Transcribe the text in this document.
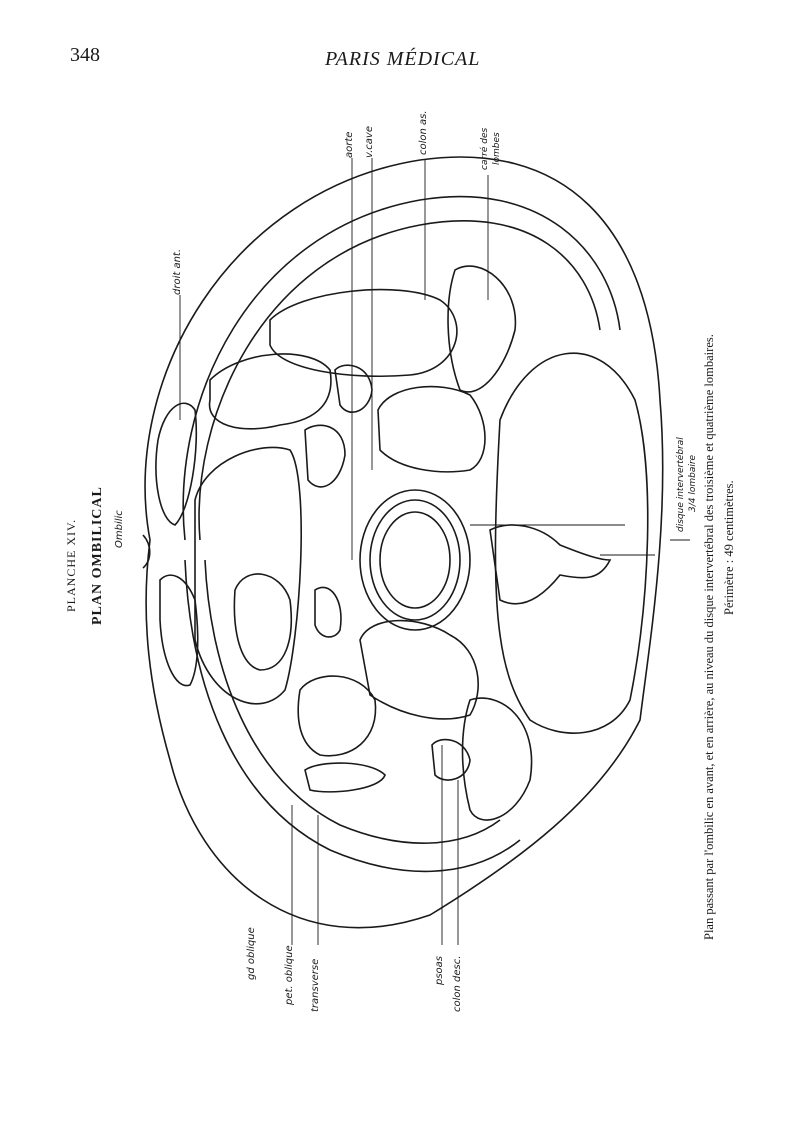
348	PARIS MÉDICAL
aorte v.cave	colon as.	carré des lombes
droit ant.
disque intervertébral 3/4 lombaire
gd oblique	pet. oblique transverse	psoas colon desc.
Ombilic
PLANCHE XIV. PLAN OMBILICAL	Plan passant par l'ombilic en avant, et en arrière, au niveau du disque intervertébral des troisième et quatrième lombaires. Périmètre : 49 centimètres.
